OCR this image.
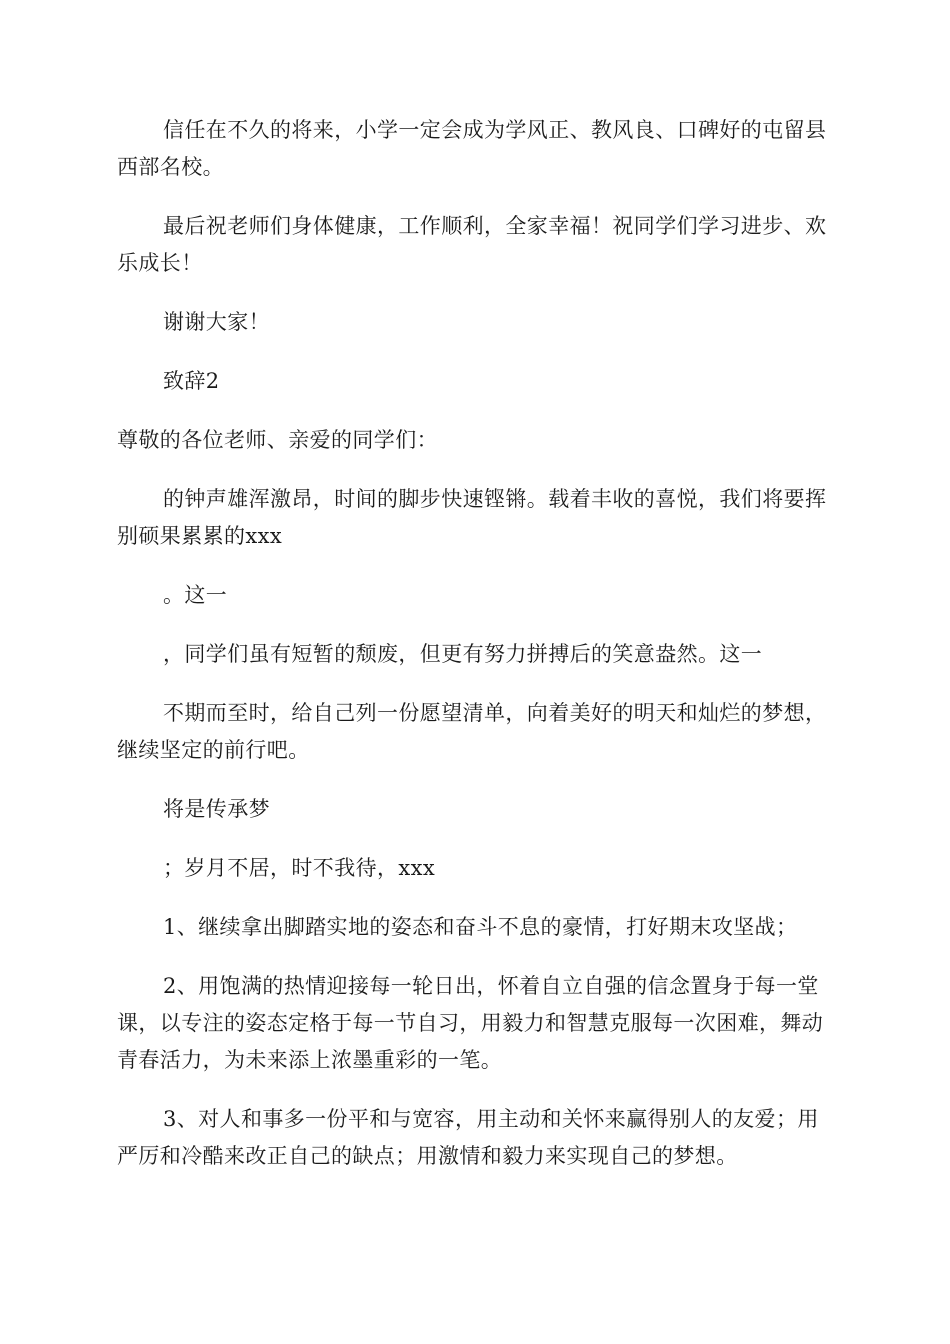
信任在不久的将来，小学一定会成为学风正、教风良、口碑好的屯留县西部名校。

最后祝老师们身体健康，工作顺利，全家幸福！祝同学们学习进步、欢乐成长！

谢谢大家！

致辞2

尊敬的各位老师、亲爱的同学们：

的钟声雄浑激昂，时间的脚步快速铿锵。载着丰收的喜悦，我们将要挥别硕果累累的xxx

。这一

，同学们虽有短暂的颓废，但更有努力拼搏后的笑意盎然。这一

不期而至时，给自己列一份愿望清单，向着美好的明天和灿烂的梦想，继续坚定的前行吧。

将是传承梦

；岁月不居，时不我待，xxx

1、继续拿出脚踏实地的姿态和奋斗不息的豪情，打好期末攻坚战；

2、用饱满的热情迎接每一轮日出，怀着自立自强的信念置身于每一堂课，以专注的姿态定格于每一节自习，用毅力和智慧克服每一次困难，舞动青春活力，为未来添上浓墨重彩的一笔。

3、对人和事多一份平和与宽容，用主动和关怀来赢得别人的友爱；用严厉和冷酷来改正自己的缺点；用激情和毅力来实现自己的梦想。
